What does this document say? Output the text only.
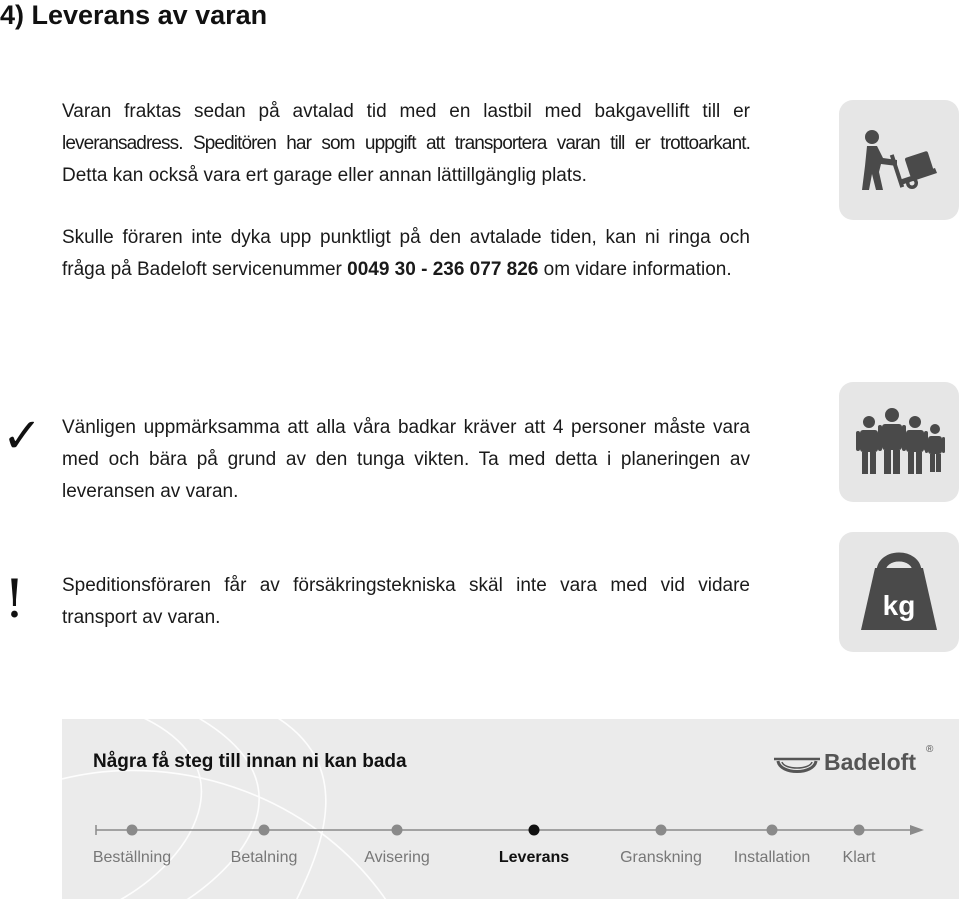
4) Leverans av varan
Varan fraktas sedan på avtalad tid med en lastbil med bakgavellift till er
leveransadress. Speditören har som uppgift att transportera varan till er trottoarkant.
Detta kan också vara ert garage eller annan lättillgänglig plats.
Skulle föraren inte dyka upp punktligt på den avtalade tiden, kan ni ringa och
fråga på Badeloft servicenummer 0049 30 - 236 077 826 om vidare information.
✓ Vänligen uppmärksamma att alla våra badkar kräver att 4 personer måste vara
med och bära på grund av den tunga vikten. Ta med detta i planeringen av
leveransen av varan.
! Speditionsföraren får av försäkringstekniska skäl inte vara med vid vidare
transport av varan.	kg
Några få steg till innan ni kan bada	Badeloft ®
Beställning	Betalning	Avisering	Leverans	Granskning Installation Klart
